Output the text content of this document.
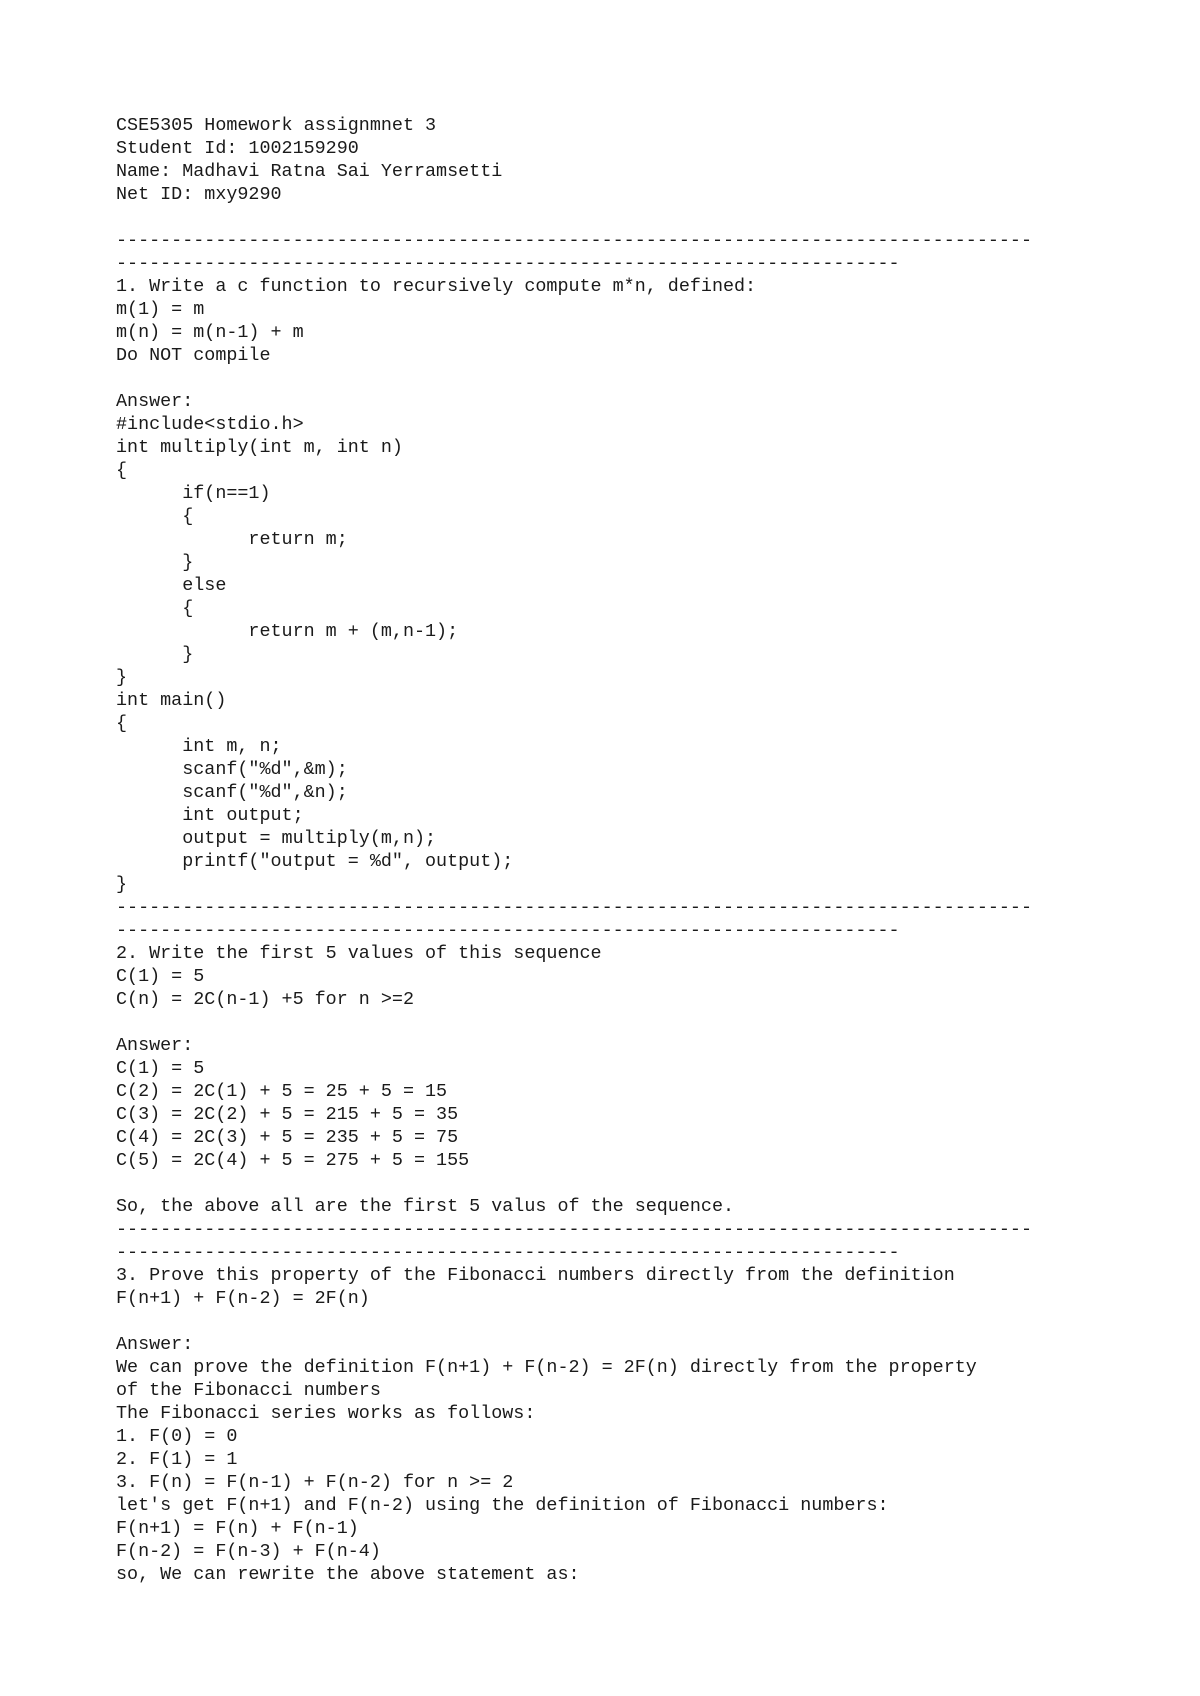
CSE5305 Homework assignmnet 3
Student Id: 1002159290
Name: Madhavi Ratna Sai Yerramsetti
Net ID: mxy9290
-----------------------------------------------------------------------------------
-----------------------------------------------------------------------
1. Write a c function to recursively compute m*n, defined:
m(1) = m
m(n) = m(n-1) + m
Do NOT compile
Answer:
#include<stdio.h>
int multiply(int m, int n)
{
if(n==1)
{
return m;
}
else
{
return m + (m,n-1);
}
}
int main()
{
int m, n;
scanf("%d",&m);
scanf("%d",&n);
int output;
output = multiply(m,n);
printf("output = %d", output);
}
-----------------------------------------------------------------------------------
-----------------------------------------------------------------------
2. Write the first 5 values of this sequence
C(1) = 5
C(n) = 2C(n-1) +5 for n >=2
Answer:
C(1) = 5
C(2) = 2C(1) + 5 = 25 + 5 = 15
C(3) = 2C(2) + 5 = 215 + 5 = 35
C(4) = 2C(3) + 5 = 235 + 5 = 75
C(5) = 2C(4) + 5 = 275 + 5 = 155
So, the above all are the first 5 valus of the sequence.
-----------------------------------------------------------------------------------
-----------------------------------------------------------------------
3. Prove this property of the Fibonacci numbers directly from the definition
F(n+1) + F(n-2) = 2F(n)
Answer:
We can prove the definition F(n+1) + F(n-2) = 2F(n) directly from the property
of the Fibonacci numbers
The Fibonacci series works as follows:
1. F(0) = 0
2. F(1) = 1
3. F(n) = F(n-1) + F(n-2) for n >= 2
let's get F(n+1) and F(n-2) using the definition of Fibonacci numbers:
F(n+1) = F(n) + F(n-1)
F(n-2) = F(n-3) + F(n-4)
so, We can rewrite the above statement as:
